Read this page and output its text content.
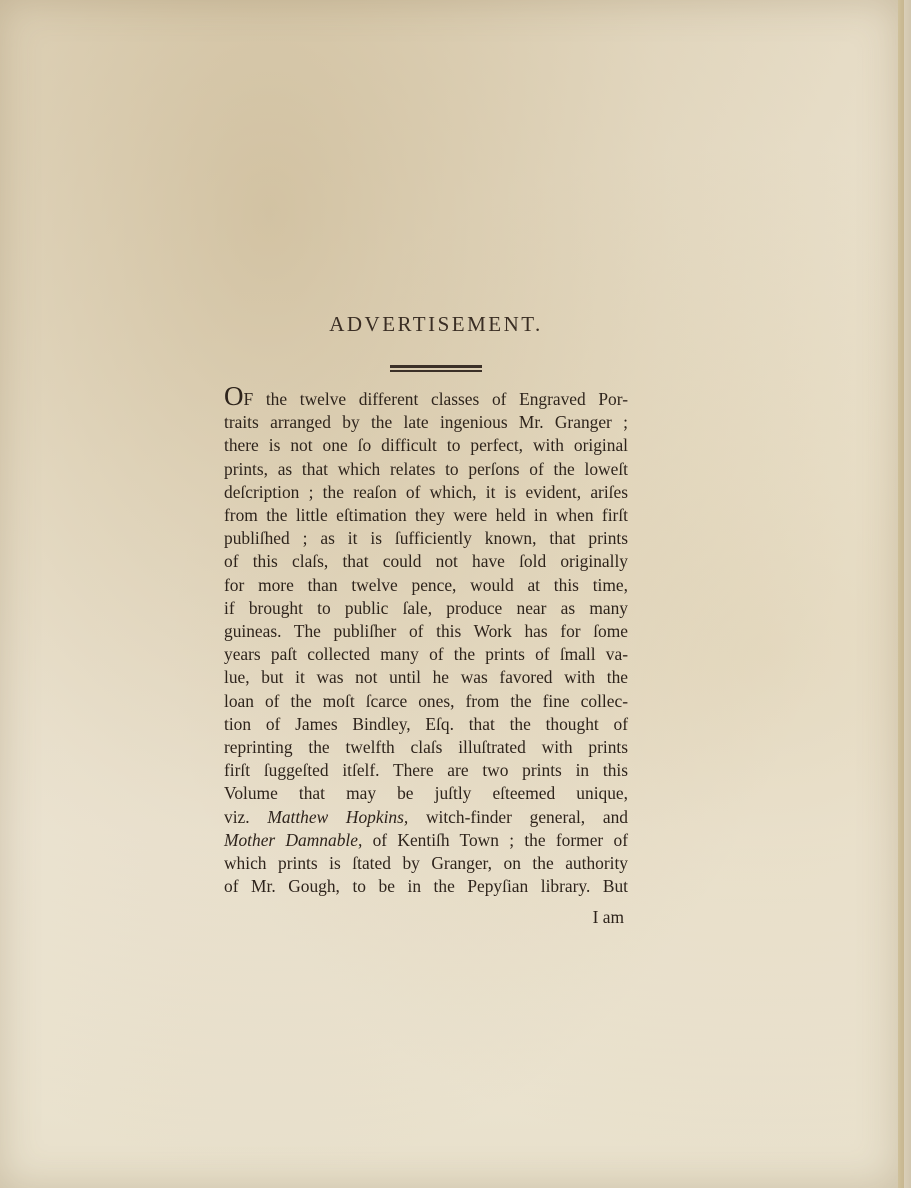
ADVERTISEMENT.
OF the twelve different classes of Engraved Por-
traits arranged by the late ingenious Mr. Granger ;
there is not one ſo difficult to perfect, with original
prints, as that which relates to perſons of the loweſt
deſcription ; the reaſon of which, it is evident, ariſes
from the little eſtimation they were held in when firſt
publiſhed ; as it is ſufficiently known, that prints
of this claſs, that could not have ſold originally
for more than twelve pence, would at this time,
if brought to public ſale, produce near as many
guineas. The publiſher of this Work has for ſome
years paſt collected many of the prints of ſmall va-
lue, but it was not until he was favored with the
loan of the moſt ſcarce ones, from the fine collec-
tion of James Bindley, Eſq. that the thought of
reprinting the twelfth claſs illuſtrated with prints
firſt ſuggeſted itſelf. There are two prints in this
Volume that may be juſtly eſteemed unique,
viz. Matthew Hopkins, witch-finder general, and
Mother Damnable, of Kentiſh Town ; the former of
which prints is ſtated by Granger, on the authority
of Mr. Gough, to be in the Pepyſian library. But
I am
